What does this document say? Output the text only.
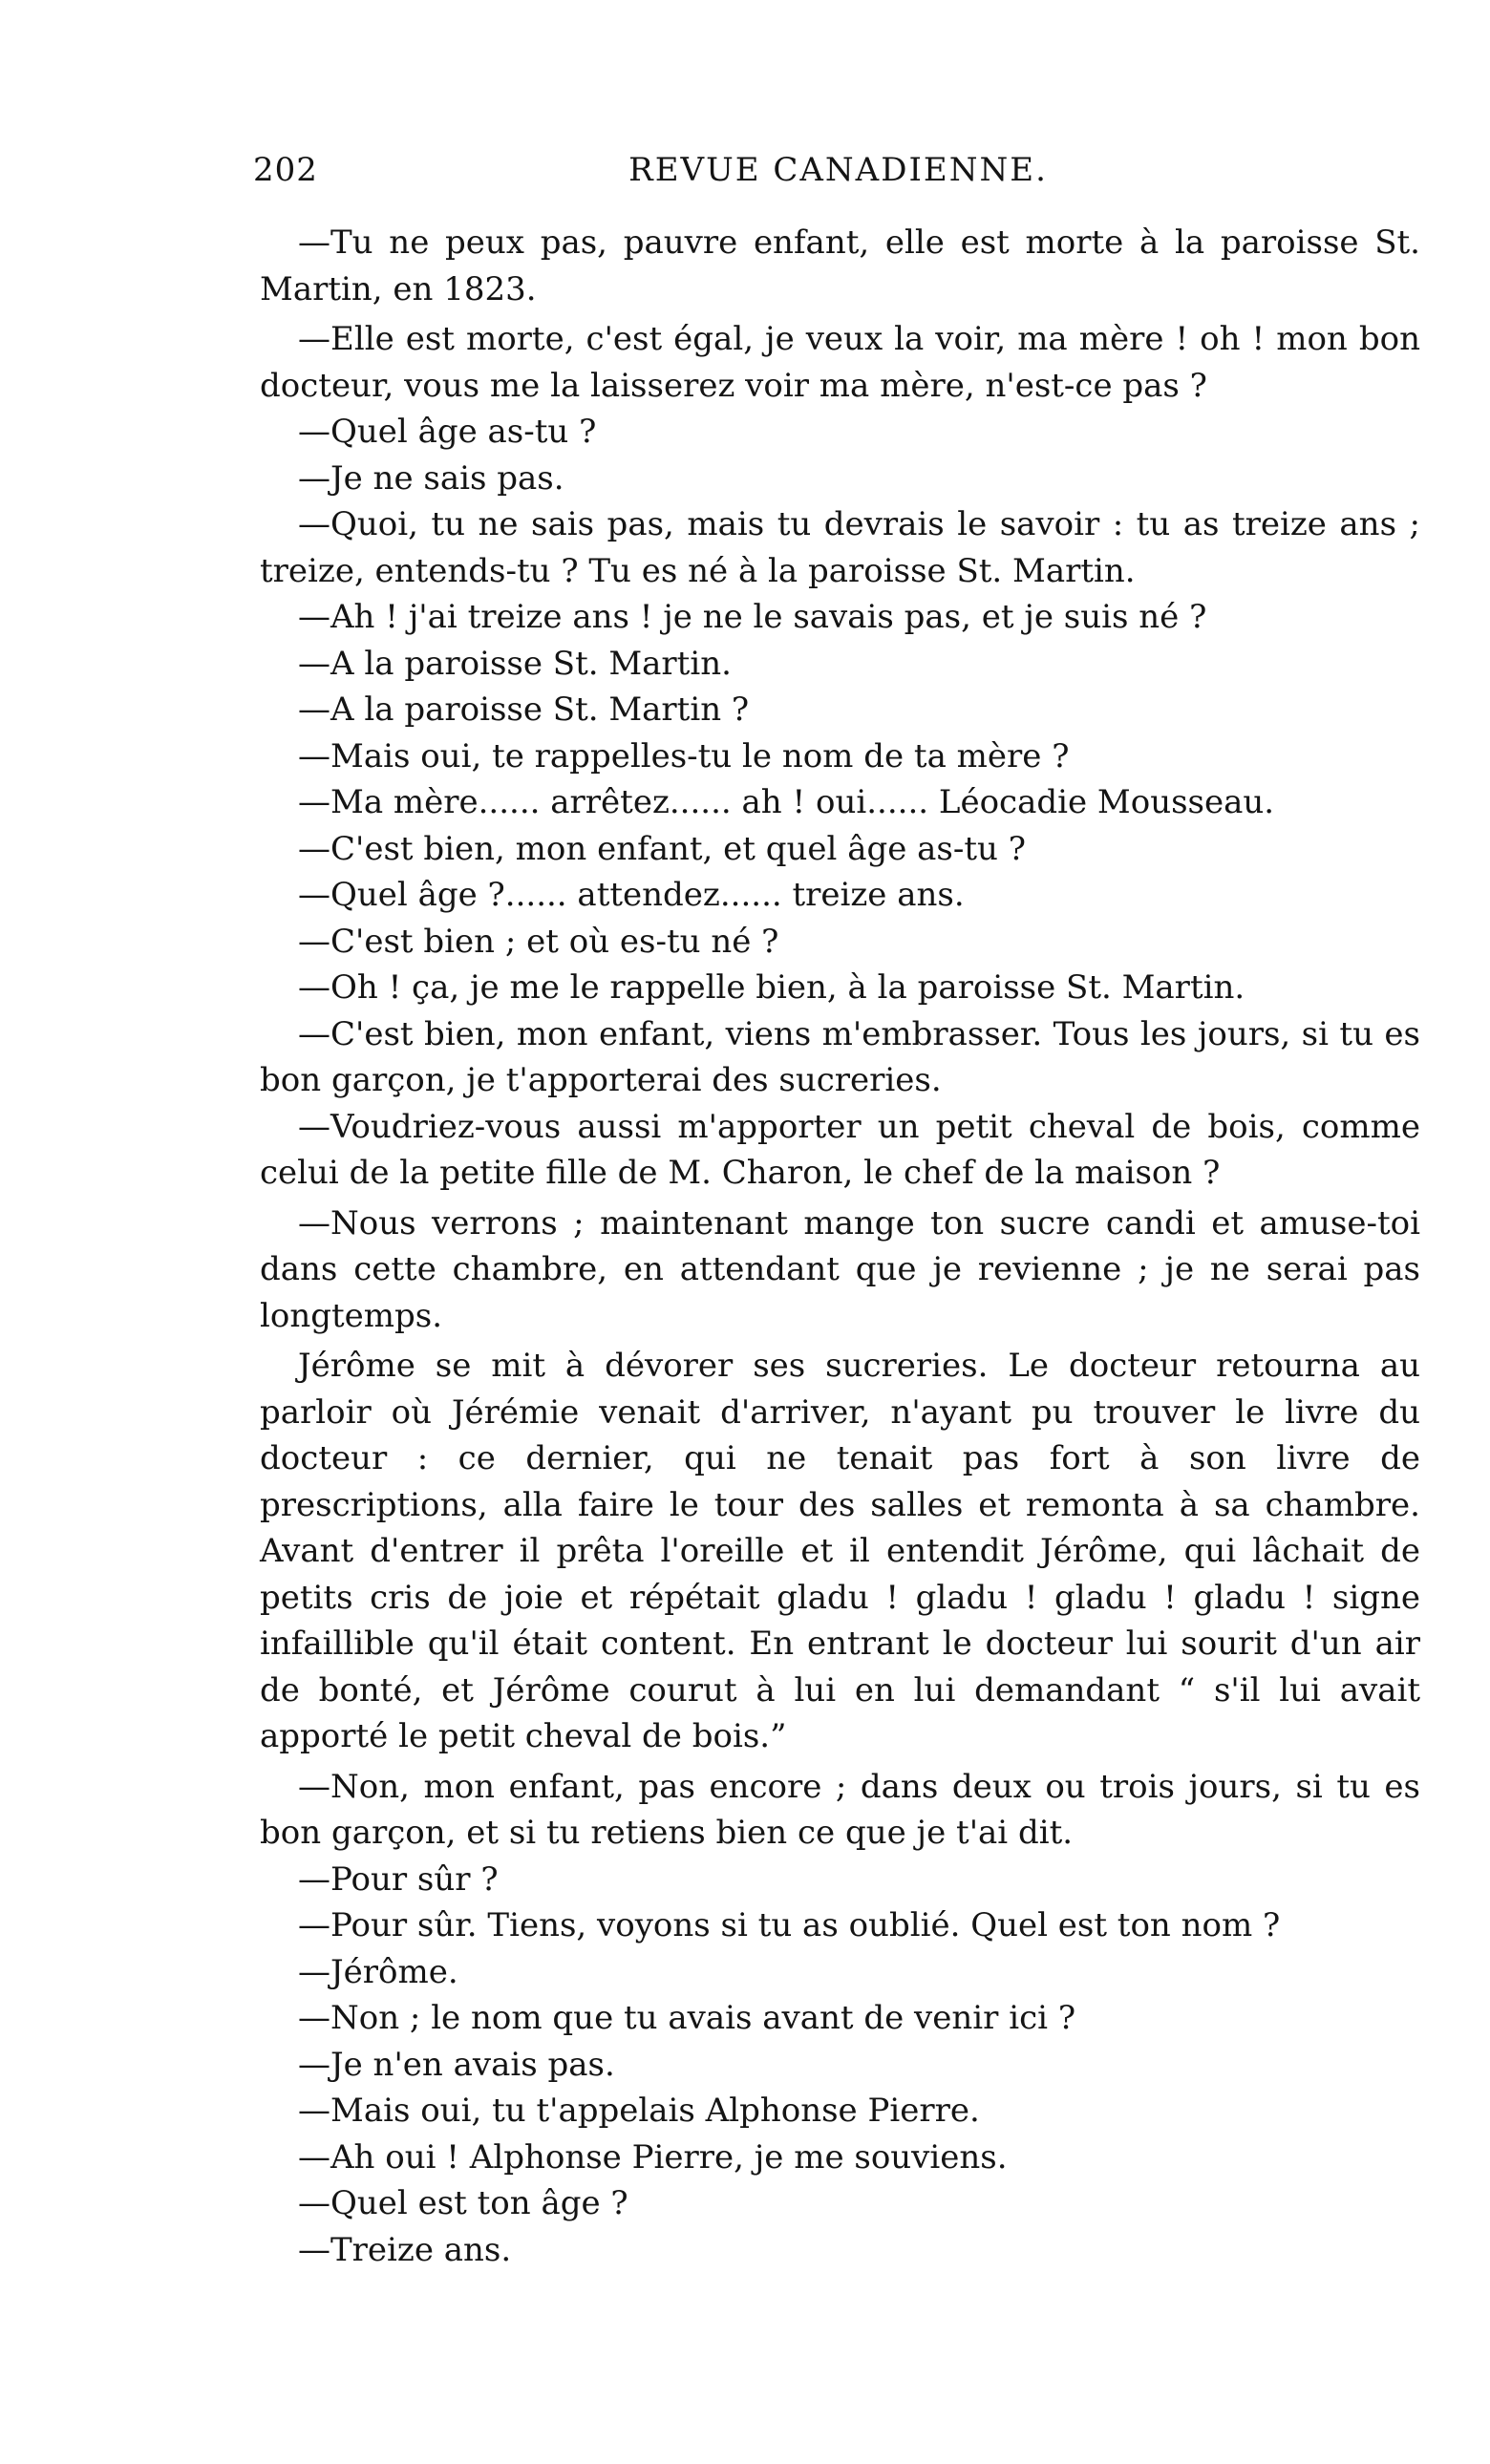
202	REVUE CANADIENNE.

—Tu ne peux pas, pauvre enfant, elle est morte à la paroisse St. Martin, en 1823.

—Elle est morte, c'est égal, je veux la voir, ma mère ! oh ! mon bon docteur, vous me la laisserez voir ma mère, n'est-ce pas ?

—Quel âge as-tu ?

—Je ne sais pas.

—Quoi, tu ne sais pas, mais tu devrais le savoir : tu as treize ans ; treize, entends-tu ? Tu es né à la paroisse St. Martin.

—Ah ! j'ai treize ans ! je ne le savais pas, et je suis né ?

—A la paroisse St. Martin.

—A la paroisse St. Martin ?

—Mais oui, te rappelles-tu le nom de ta mère ?

—Ma mère...... arrêtez...... ah ! oui...... Léocadie Mousseau.

—C'est bien, mon enfant, et quel âge as-tu ?

—Quel âge ?...... attendez...... treize ans.

—C'est bien ; et où es-tu né ?

—Oh ! ça, je me le rappelle bien, à la paroisse St. Martin.

—C'est bien, mon enfant, viens m'embrasser. Tous les jours, si tu es bon garçon, je t'apporterai des sucreries.

—Voudriez-vous aussi m'apporter un petit cheval de bois, comme celui de la petite fille de M. Charon, le chef de la maison ?

—Nous verrons ; maintenant mange ton sucre candi et amuse-toi dans cette chambre, en attendant que je revienne ; je ne serai pas longtemps.

Jérôme se mit à dévorer ses sucreries. Le docteur retourna au parloir où Jérémie venait d'arriver, n'ayant pu trouver le livre du docteur : ce dernier, qui ne tenait pas fort à son livre de prescriptions, alla faire le tour des salles et remonta à sa chambre. Avant d'entrer il prêta l'oreille et il entendit Jérôme, qui lâchait de petits cris de joie et répétait gladu ! gladu ! gladu ! gladu ! signe infaillible qu'il était content. En entrant le docteur lui sourit d'un air de bonté, et Jérôme courut à lui en lui demandant “ s'il lui avait apporté le petit cheval de bois.”

—Non, mon enfant, pas encore ; dans deux ou trois jours, si tu es bon garçon, et si tu retiens bien ce que je t'ai dit.

—Pour sûr ?

—Pour sûr. Tiens, voyons si tu as oublié. Quel est ton nom ?

—Jérôme.

—Non ; le nom que tu avais avant de venir ici ?

—Je n'en avais pas.

—Mais oui, tu t'appelais Alphonse Pierre.

—Ah oui ! Alphonse Pierre, je me souviens.

—Quel est ton âge ?

—Treize ans.
